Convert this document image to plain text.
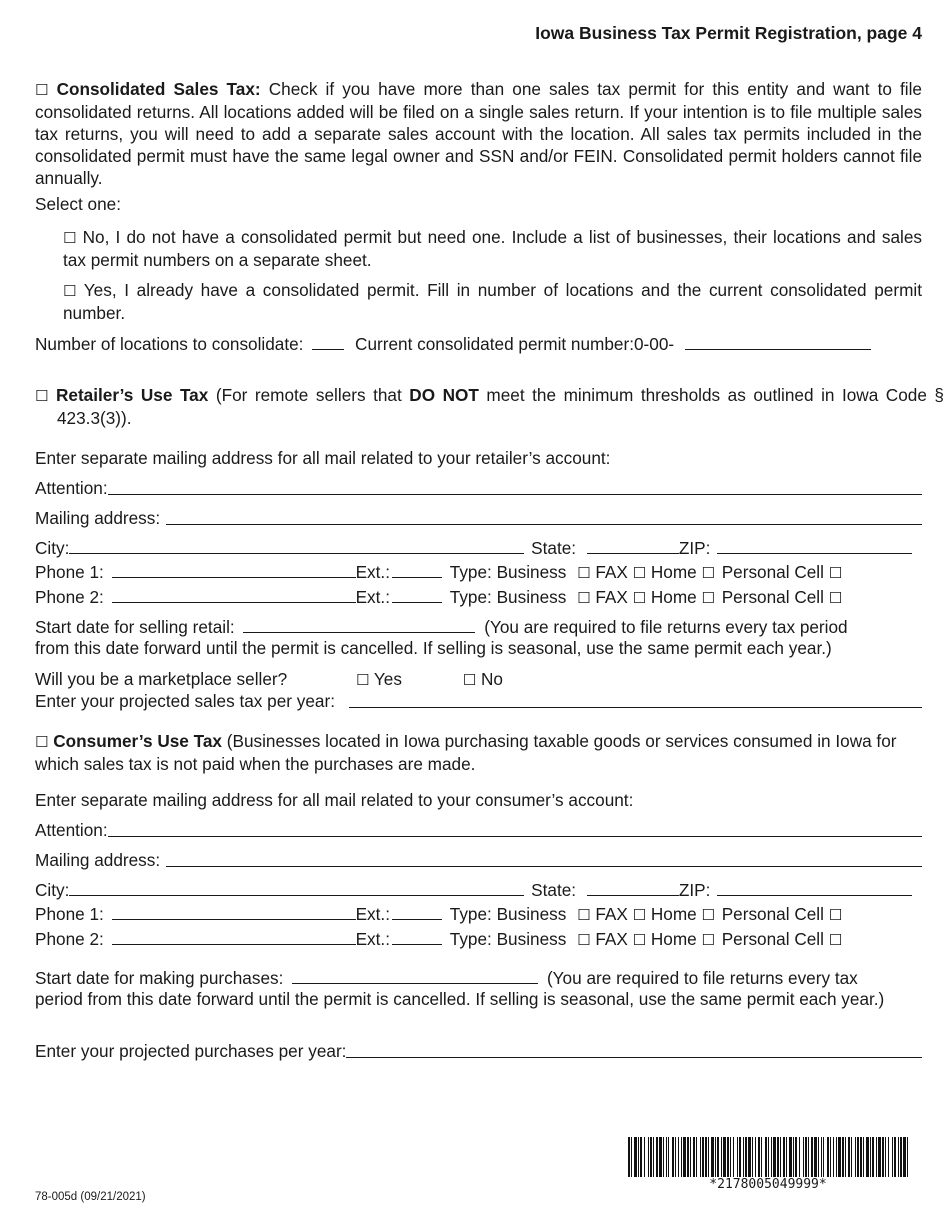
Iowa Business Tax Permit Registration, page 4
☐ Consolidated Sales Tax: Check if you have more than one sales tax permit for this entity and want to file consolidated returns. All locations added will be filed on a single sales return. If your intention is to file multiple sales tax returns, you will need to add a separate sales account with the location. All sales tax permits included in the consolidated permit must have the same legal owner and SSN and/or FEIN. Consolidated permit holders cannot file annually.
Select one:
☐ No, I do not have a consolidated permit but need one. Include a list of businesses, their locations and sales tax permit numbers on a separate sheet.
☐ Yes, I already have a consolidated permit. Fill in number of locations and the current consolidated permit number.
Number of locations to consolidate:	Current consolidated permit number:0-00-
☐ Retailer’s Use Tax (For remote sellers that DO NOT meet the minimum thresholds as outlined in Iowa Code § 423.3(3)).
Enter separate mailing address for all mail related to your retailer’s account:
Attention:
Mailing address:
City:	State:	ZIP:
Phone 1:	Ext.:	Type: Business ☐ FAX ☐ Home ☐ Personal Cell ☐
Phone 2:	Ext.:	Type: Business ☐ FAX ☐ Home ☐ Personal Cell ☐
Start date for selling retail:	(You are required to file returns every tax period
from this date forward until the permit is cancelled. If selling is seasonal, use the same permit each year.)
Will you be a marketplace seller?	☐ Yes	☐ No
Enter your projected sales tax per year:
☐ Consumer’s Use Tax (Businesses located in Iowa purchasing taxable goods or services consumed in Iowa for which sales tax is not paid when the purchases are made.
Enter separate mailing address for all mail related to your consumer’s account:
Attention:
Mailing address:
City:	State:	ZIP:
Phone 1:	Ext.:	Type: Business ☐ FAX ☐ Home ☐ Personal Cell ☐
Phone 2:	Ext.:	Type: Business ☐ FAX ☐ Home ☐ Personal Cell ☐
Start date for making purchases:	(You are required to file returns every tax
period from this date forward until the permit is cancelled. If selling is seasonal, use the same permit each year.)
Enter your projected purchases per year:
*2178005049999*
78-005d (09/21/2021)
